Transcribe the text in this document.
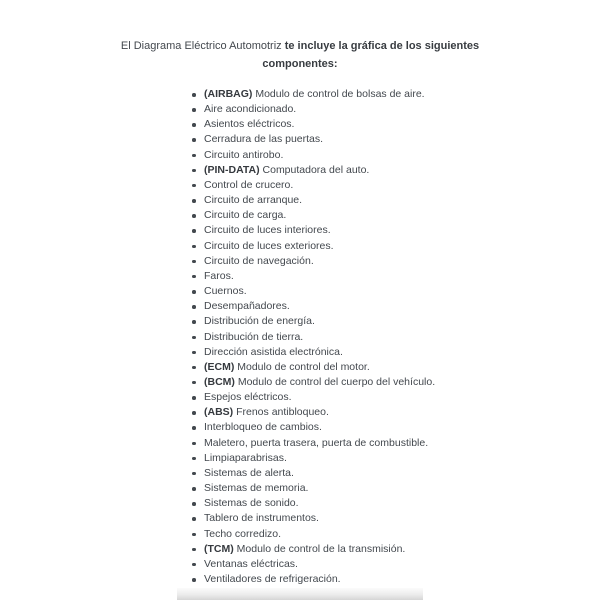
El Diagrama Eléctrico Automotriz te incluye la gráfica de los siguientes
componentes:
(AIRBAG) Modulo de control de bolsas de aire.
Aire acondicionado.
Asientos eléctricos.
Cerradura de las puertas.
Circuito antirobo.
(PIN-DATA) Computadora del auto.
Control de crucero.
Circuito de arranque.
Circuito de carga.
Circuito de luces interiores.
Circuito de luces exteriores.
Circuito de navegación.
Faros.
Cuernos.
Desempañadores.
Distribución de energía.
Distribución de tierra.
Dirección asistida electrónica.
(ECM) Modulo de control del motor.
(BCM) Modulo de control del cuerpo del vehículo.
Espejos eléctricos.
(ABS) Frenos antibloqueo.
Interbloqueo de cambios.
Maletero, puerta trasera, puerta de combustible.
Limpiaparabrisas.
Sistemas de alerta.
Sistemas de memoria.
Sistemas de sonido.
Tablero de instrumentos.
Techo corredizo.
(TCM) Modulo de control de la transmisión.
Ventanas eléctricas.
Ventiladores de refrigeración.
